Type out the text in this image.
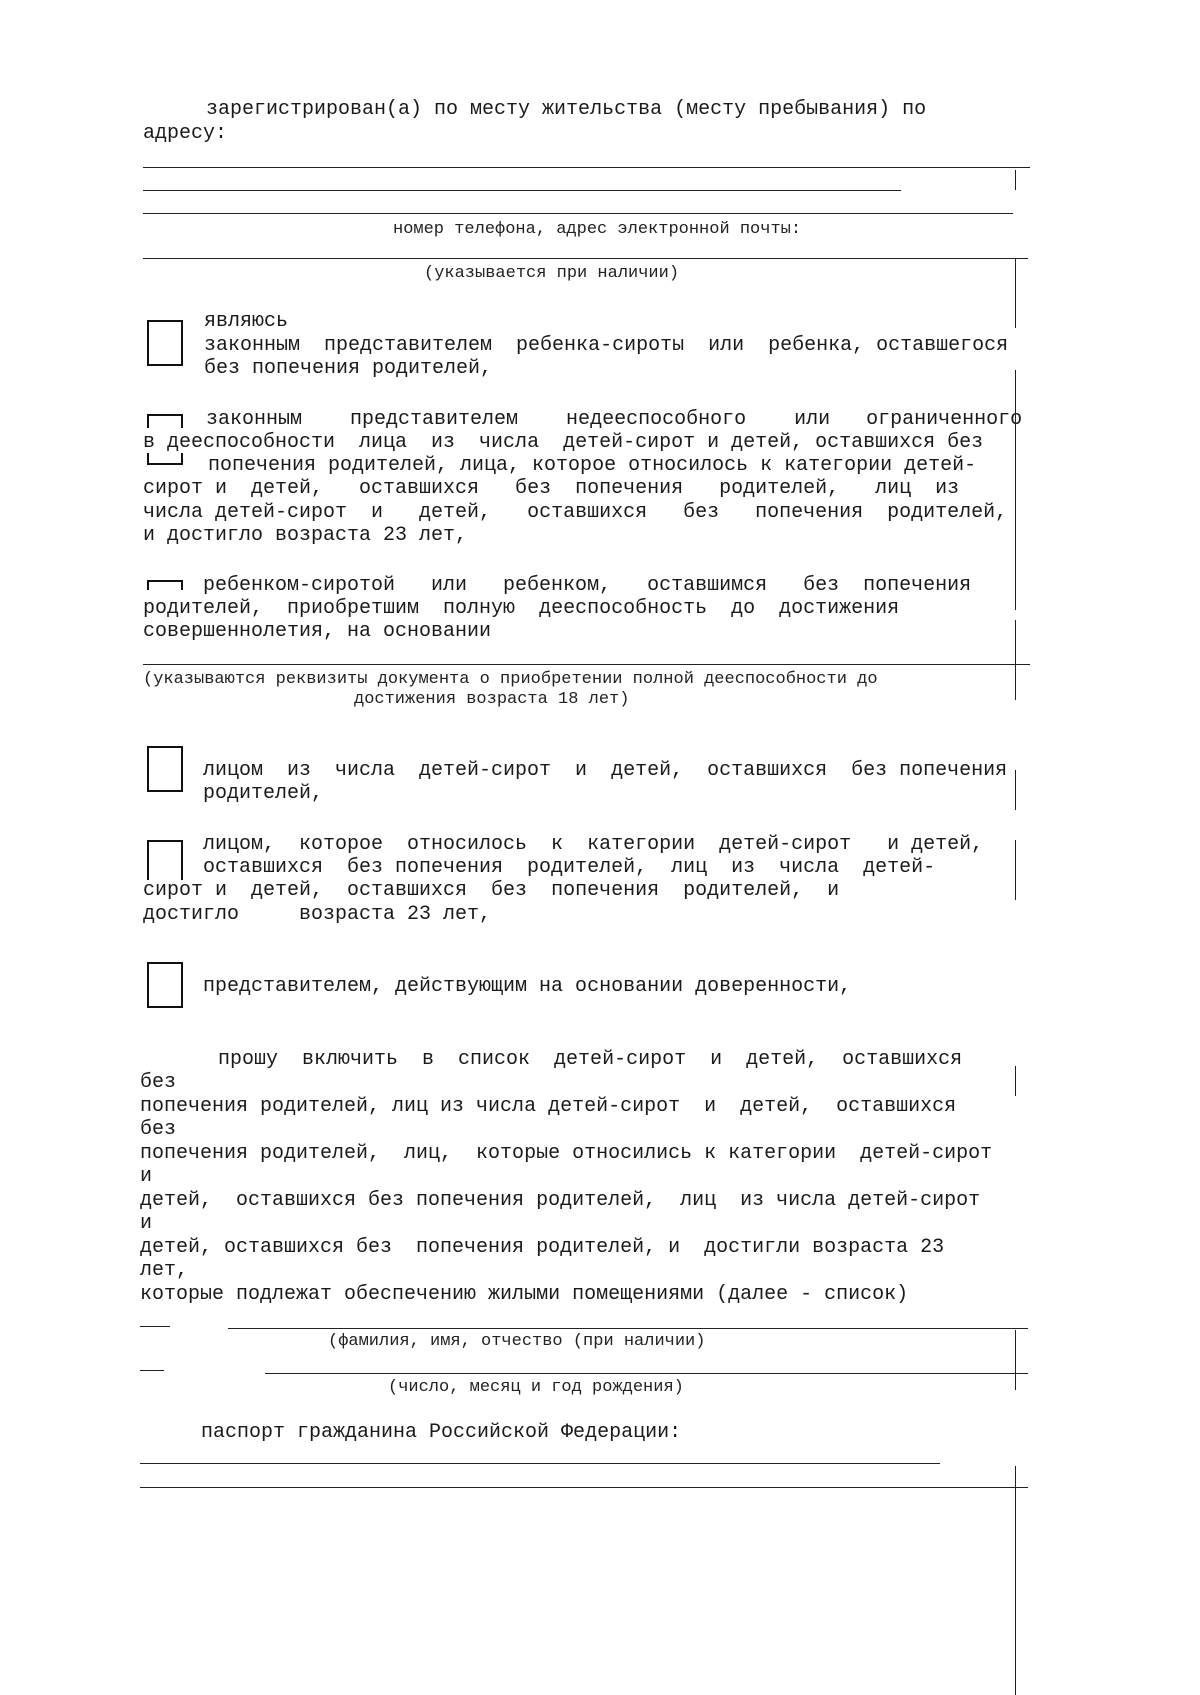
зарегистрирован(а) по месту жительства (месту пребывания) по
адресу:
номер телефона, адрес электронной почты:
(указывается при наличии)
являюсь
законным  представителем  ребенка-сироты  или  ребенка, оставшегося
без попечения родителей,
законным    представителем    недееспособного    или   ограниченного
в дееспособности  лица  из  числа  детей-сирот и детей, оставшихся без
попечения родителей, лица, которое относилось к категории детей-
сирот и  детей,   оставшихся   без  попечения   родителей,   лиц  из
числа детей-сирот  и   детей,   оставшихся   без   попечения  родителей,
и достигло возраста 23 лет,
ребенком-сиротой   или   ребенком,   оставшимся   без  попечения
родителей,  приобретшим  полную  дееспособность  до  достижения
совершеннолетия, на основании
(указываются реквизиты документа о приобретении полной дееспособности до
достижения возраста 18 лет)
лицом  из  числа  детей-сирот  и  детей,  оставшихся  без попечения
родителей,
лицом,  которое  относилось  к  категории  детей-сирот   и детей,
оставшихся  без попечения  родителей,  лиц  из  числа  детей-
сирот и  детей,  оставшихся  без  попечения  родителей,  и
достигло     возраста 23 лет,
представителем, действующим на основании доверенности,
прошу  включить  в  список  детей-сирот  и  детей,  оставшихся
без
попечения родителей, лиц из числа детей-сирот  и  детей,  оставшихся
без
попечения родителей,  лиц,  которые относились к категории  детей-сирот
и
детей,  оставшихся без попечения родителей,  лиц  из числа детей-сирот
и
детей, оставшихся без  попечения родителей, и  достигли возраста 23
лет,
которые подлежат обеспечению жилыми помещениями (далее - список)
(фамилия, имя, отчество (при наличии)
(число, месяц и год рождения)
паспорт гражданина Российской Федерации:
